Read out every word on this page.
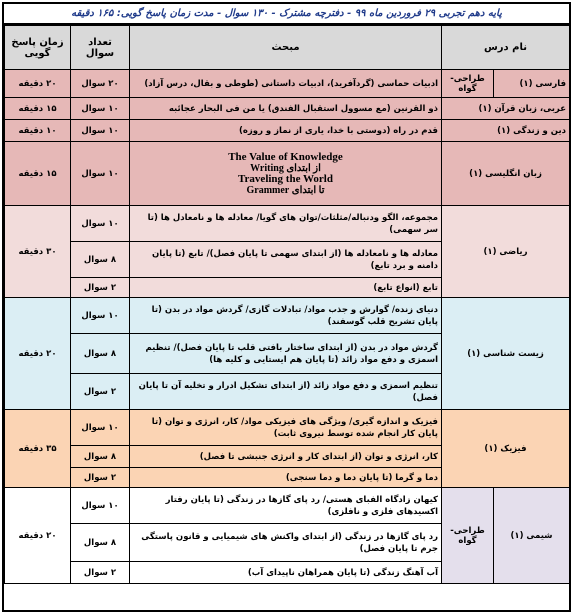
پایه دهم تجربی ۲۹ فروردین ماه ۹۹ - دفترچه مشترک - ۱۳۰ سوال - مدت زمان پاسخ گویی: ۱۶۵ دقیقه
نام درس		مبحث	تعداد سوال	زمان پاسخ گویی
فارسی (۱)	طراحی- گواه	ادبیات حماسی (گردآفرید)، ادبیات داستانی (طوطی و بقال، درس آزاد)	۲۰ سوال	۲۰ دقیقه
عربی، زبان قرآن (۱)		ذو القرنین (مع مسوول استقبال الفندق) یا من فی البحار عجائبه	۱۰ سوال	۱۵ دقیقه
دین و زندگی (۱)		قدم در راه (دوستی با خدا، یاری از نماز و روزه)	۱۰ سوال	۱۰ دقیقه
زبان انگلیسی (۱)		The Value of Knowledge
از ابتدای Writing
Traveling the World
تا ابتدای Grammer	۱۰ سوال	۱۵ دقیقه
ریاضی (۱)		مجموعه، الگو ودنباله/مثلثات/توان های گویا/ معادله ها و نامعادل ها (تا سر سهمی)	۱۰ سوال	۳۰ دقیقه
		معادله ها و نامعادله ها (از ابتدای سهمی تا پایان فصل)/ تابع (تا پایان دامنه و برد تابع)	۸ سوال	
		تابع (انواع تابع)	۲ سوال	
زیست شناسی (۱)		دنیای زنده/ گوارش و جذب مواد/ تبادلات گازی/ گردش مواد در بدن (تا پایان تشریح قلب گوسفند)	۱۰ سوال	۲۰ دقیقه
		گردش مواد در بدن (از ابتدای ساختار بافتی قلب تا پایان فصل)/ تنظیم اسمزی و دفع مواد زائد (تا پایان هم ایستایی و کلیه ها)	۸ سوال	
		تنظیم اسمزی و دفع مواد زائد (از ابتدای تشکیل ادرار و تخلیه آن تا پایان فصل)	۲ سوال	
فیزیک (۱)		فیزیک و اندازه گیری/ ویژگی های فیزیکی مواد/ کار، انرژی و توان (تا پایان کار انجام شده توسط نیروی ثابت)	۱۰ سوال	۳۵ دقیقه
		کار، انرژی و توان (از ابتدای کار و انرژی جنبشی تا فصل)	۸ سوال	
		دما و گرما (تا پایان دما و دما سنجی)	۲ سوال	
شیمی (۱)	طراحی- گواه	کیهان زادگاه الفبای هستی/ رد پای گازها در زندگی (تا پایان رفتار اکسیدهای فلزی و نافلزی)	۱۰ سوال	۲۰ دقیقه
		رد پای گازها در زندگی (از ابتدای واکنش های شیمیایی و قانون پاستگی جرم تا پایان فصل)	۸ سوال	
		آب آهنگ زندگی (تا پایان همراهان ناپیدای آب)	۲ سوال	
